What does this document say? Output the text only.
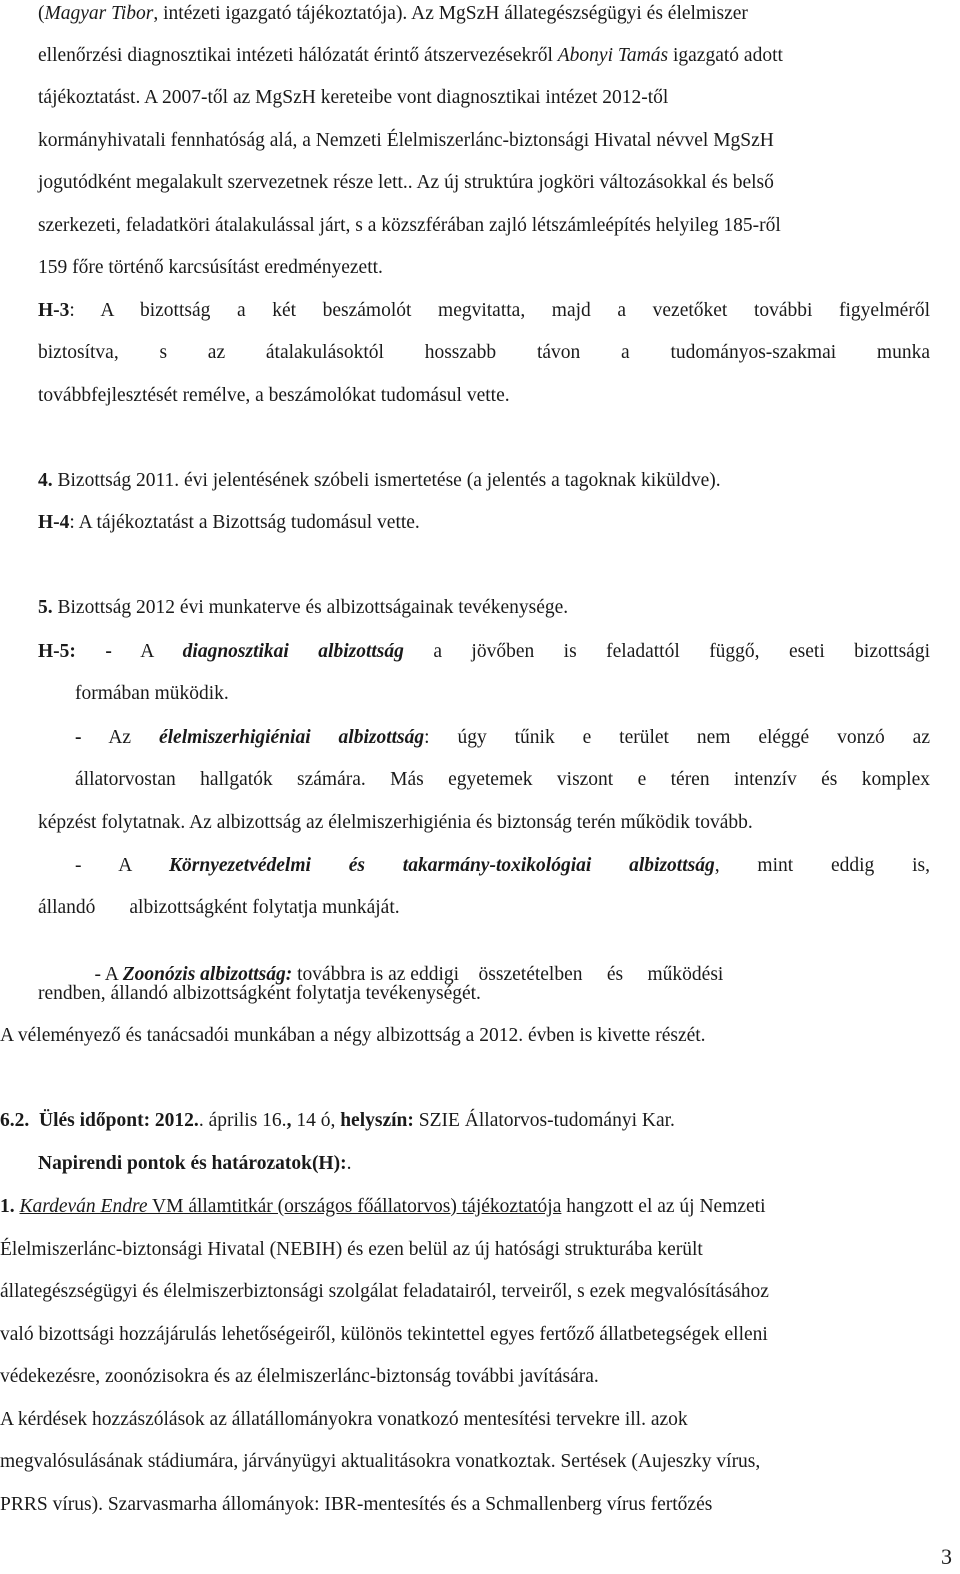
(Magyar Tibor, intézeti igazgató tájékoztatója). Az MgSzH állategészségügyi és élelmiszer
ellenőrzési diagnosztikai intézeti hálózatát érintő átszervezésekről Abonyi Tamás igazgató adott
tájékoztatást. A 2007-től az MgSzH kereteibe vont diagnosztikai intézet 2012-től
kormányhivatali fennhatóság alá, a Nemzeti Élelmiszerlánc-biztonsági Hivatal névvel MgSzH
jogutódként megalakult szervezetnek része lett.. Az új struktúra jogköri változásokkal és belső
szerkezeti, feladatköri átalakulással járt, s a közszférában zajló létszámleépítés helyileg 185-ről
159 főre történő karcsúsítást eredményezett.
H-3: A bizottság a két beszámolót megvitatta, majd a vezetőket további figyelméről
biztosítva, s az átalakulásoktól hosszabb távon a tudományos-szakmai munka
továbbfejlesztését remélve, a beszámolókat tudomásul vette.
4. Bizottság 2011. évi jelentésének szóbeli ismertetése (a jelentés a tagoknak kiküldve).
H-4: A tájékoztatást a Bizottság tudomásul vette.
5. Bizottság 2012 évi munkaterve és albizottságainak tevékenysége.
H-5: - A diagnosztikai albizottság a jövőben is feladattól függő, eseti bizottsági
formában müködik.
- Az élelmiszerhigiéniai albizottság: úgy tűnik e terület nem eléggé vonzó az
állatorvostan hallgatók számára. Más egyetemek viszont e téren intenzív és komplex
képzést folytatnak. Az albizottság az élelmiszerhigiénia és biztonság terén működik tovább.
- A Környezetvédelmi és takarmány-toxikológiai albizottság, mint eddig is,
állandó albizottságként folytatja munkáját.

- A Zoonózis albizottság: továbbra is az eddigi    összetételben     és     működési

rendben, állandó albizottságként folytatja tevékenységét.
A véleményező és tanácsadói munkában a négy albizottság a 2012. évben is kivette részét.
6.2. Ülés időpont: 2012.. április 16., 14 ó, helyszín: SZIE Állatorvos-tudományi Kar.
Napirendi pontok és határozatok(H):.
1. Kardeván Endre VM államtitkár (országos főállatorvos) tájékoztatója hangzott el az új Nemzeti
Élelmiszerlánc-biztonsági Hivatal (NEBIH) és ezen belül az új hatósági strukturába került
állategészségügyi és élelmiszerbiztonsági szolgálat feladatairól, terveiről, s ezek megvalósításához
való bizottsági hozzájárulás lehetőségeiről, különös tekintettel egyes fertőző állatbetegségek elleni
védekezésre, zoonózisokra és az élelmiszerlánc-biztonság további javítására.
A kérdések hozzászólások az állatállományokra vonatkozó mentesítési tervekre ill. azok
megvalósulásának stádiumára, járványügyi aktualitásokra vonatkoztak. Sertések (Aujeszky vírus,
PRRS vírus). Szarvasmarha állományok: IBR-mentesítés és a Schmallenberg vírus fertőzés
3
